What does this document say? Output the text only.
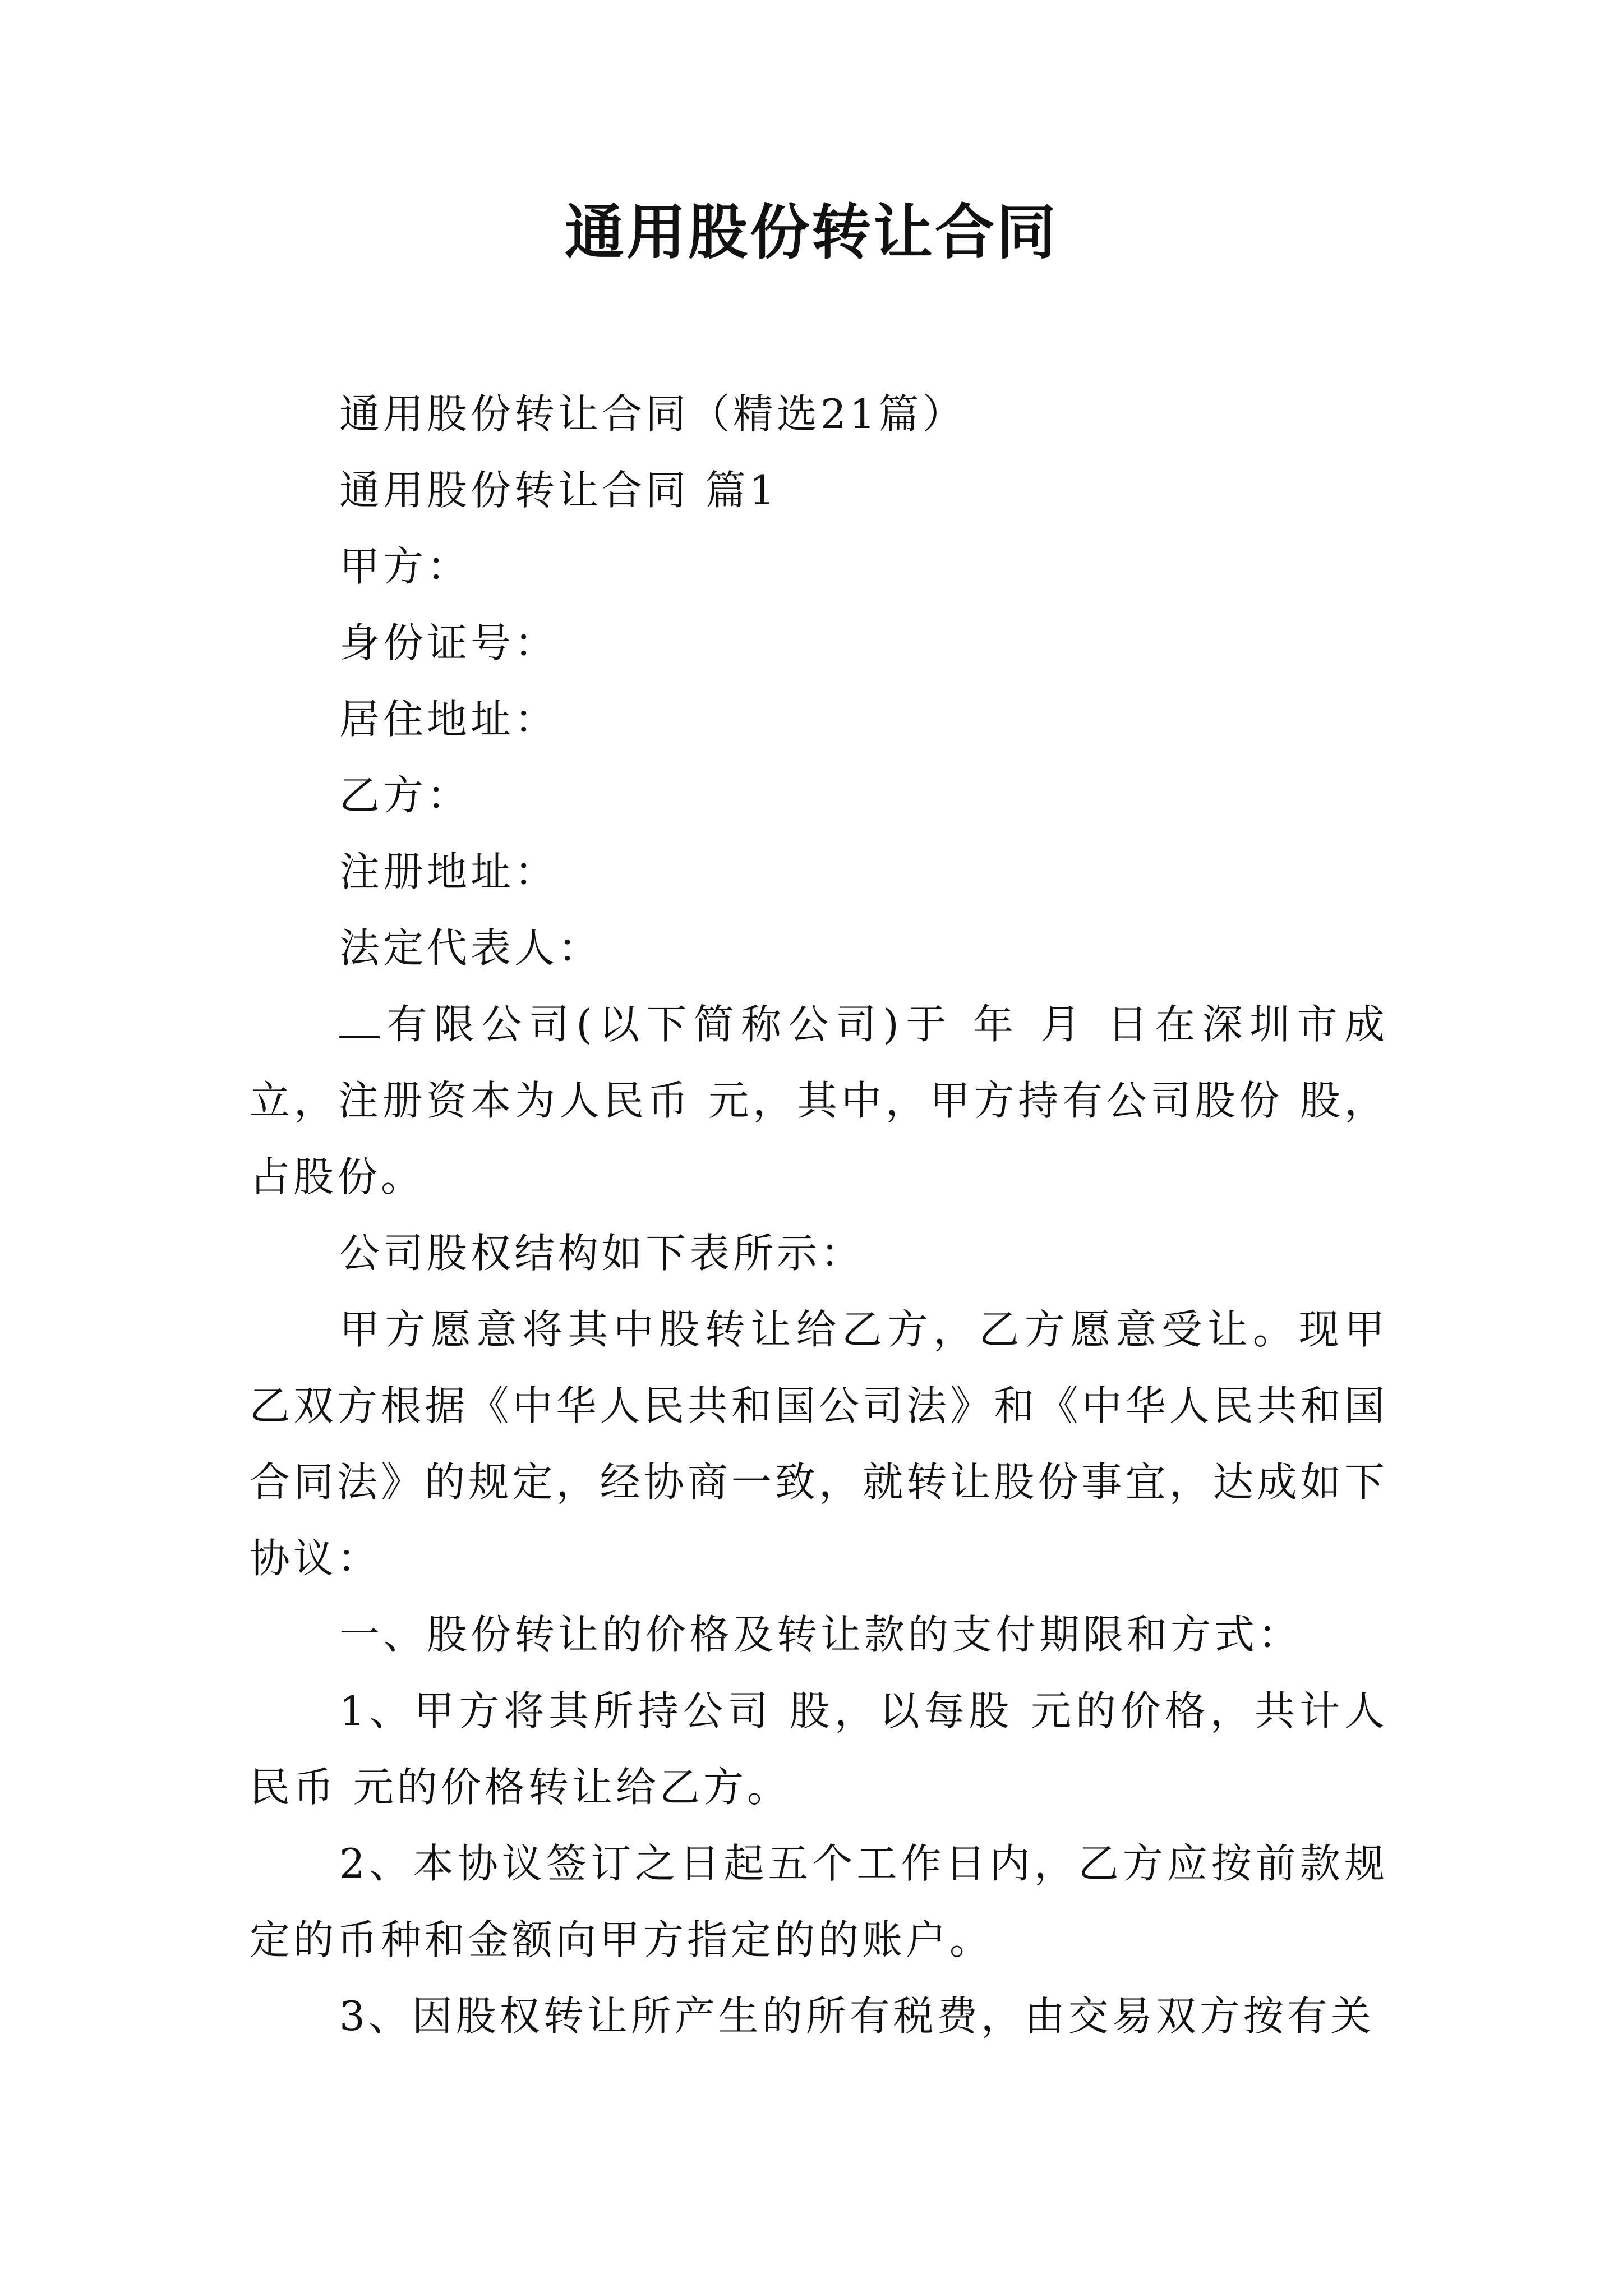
通用股份转让合同

通用股份转让合同（精选21篇）

通用股份转让合同 篇1

甲方：

身份证号：

居住地址：

乙方：

注册地址：

法定代表人：

有限公司(以下简称公司)于 年 月 日在深圳市成立，注册资本为人民币 元，其中，甲方持有公司股份 股，占股份。

公司股权结构如下表所示：

甲方愿意将其中股转让给乙方，乙方愿意受让。现甲乙双方根据《中华人民共和国公司法》和《中华人民共和国合同法》的规定，经协商一致，就转让股份事宜，达成如下协议：

一、股份转让的价格及转让款的支付期限和方式：

1、甲方将其所持公司 股，以每股 元的价格，共计人民币 元的价格转让给乙方。

2、本协议签订之日起五个工作日内，乙方应按前款规定的币种和金额向甲方指定的的账户。

3、因股权转让所产生的所有税费，由交易双方按有关
